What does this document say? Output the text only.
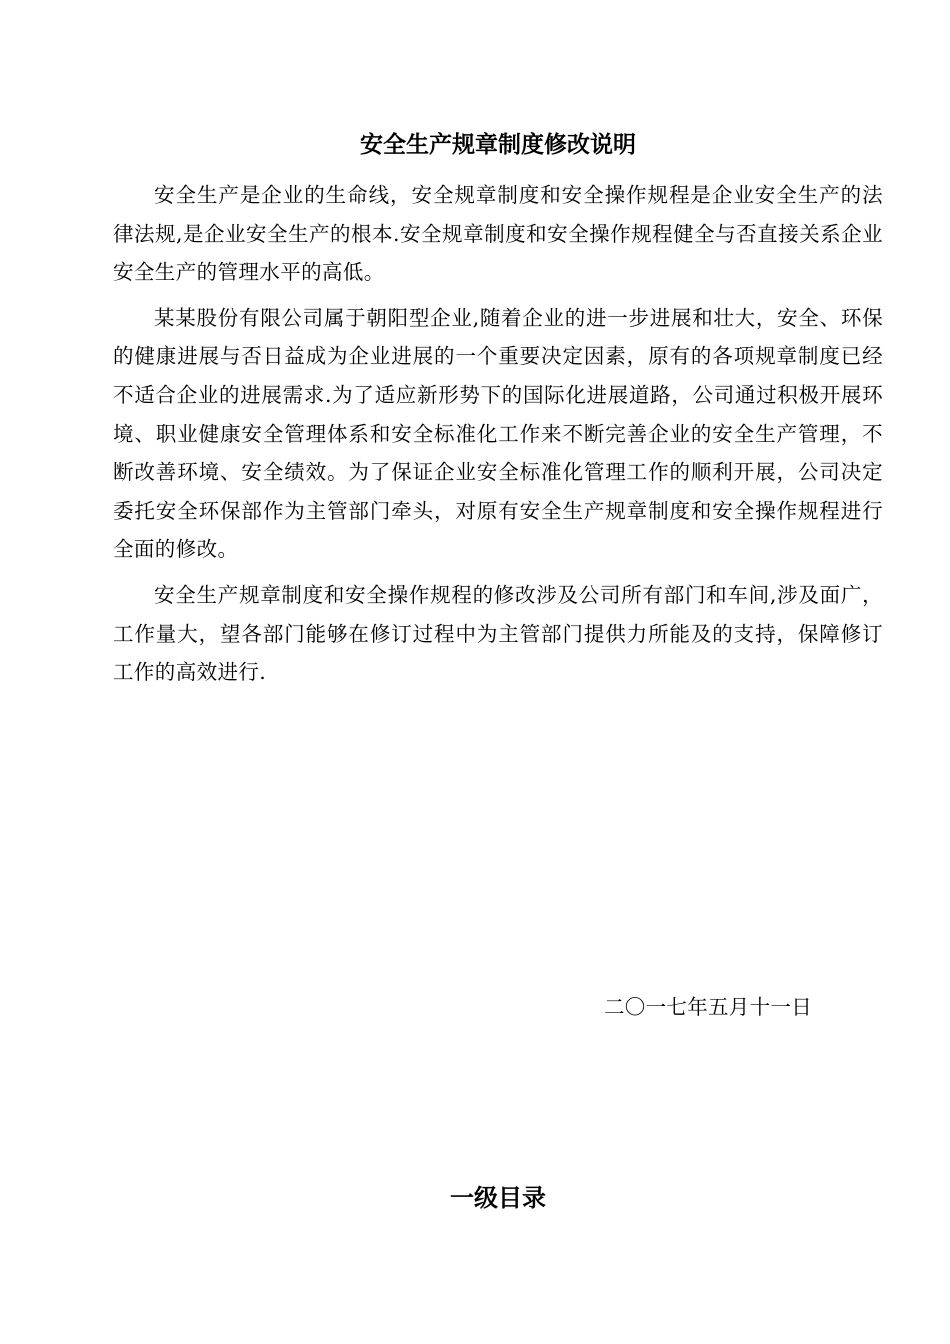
安全生产规章制度修改说明

安全生产是企业的生命线，安全规章制度和安全操作规程是企业安全生产的法律法规,是企业安全生产的根本.安全规章制度和安全操作规程健全与否直接关系企业安全生产的管理水平的高低。

某某股份有限公司属于朝阳型企业,随着企业的进一步进展和壮大，安全、环保的健康进展与否日益成为企业进展的一个重要决定因素，原有的各项规章制度已经不适合企业的进展需求.为了适应新形势下的国际化进展道路，公司通过积极开展环境、职业健康安全管理体系和安全标准化工作来不断完善企业的安全生产管理，不断改善环境、安全绩效。为了保证企业安全标准化管理工作的顺利开展，公司决定委托安全环保部作为主管部门牵头，对原有安全生产规章制度和安全操作规程进行全面的修改。

安全生产规章制度和安全操作规程的修改涉及公司所有部门和车间,涉及面广，工作量大，望各部门能够在修订过程中为主管部门提供力所能及的支持，保障修订工作的高效进行.

二〇一七年五月十一日
一级目录
